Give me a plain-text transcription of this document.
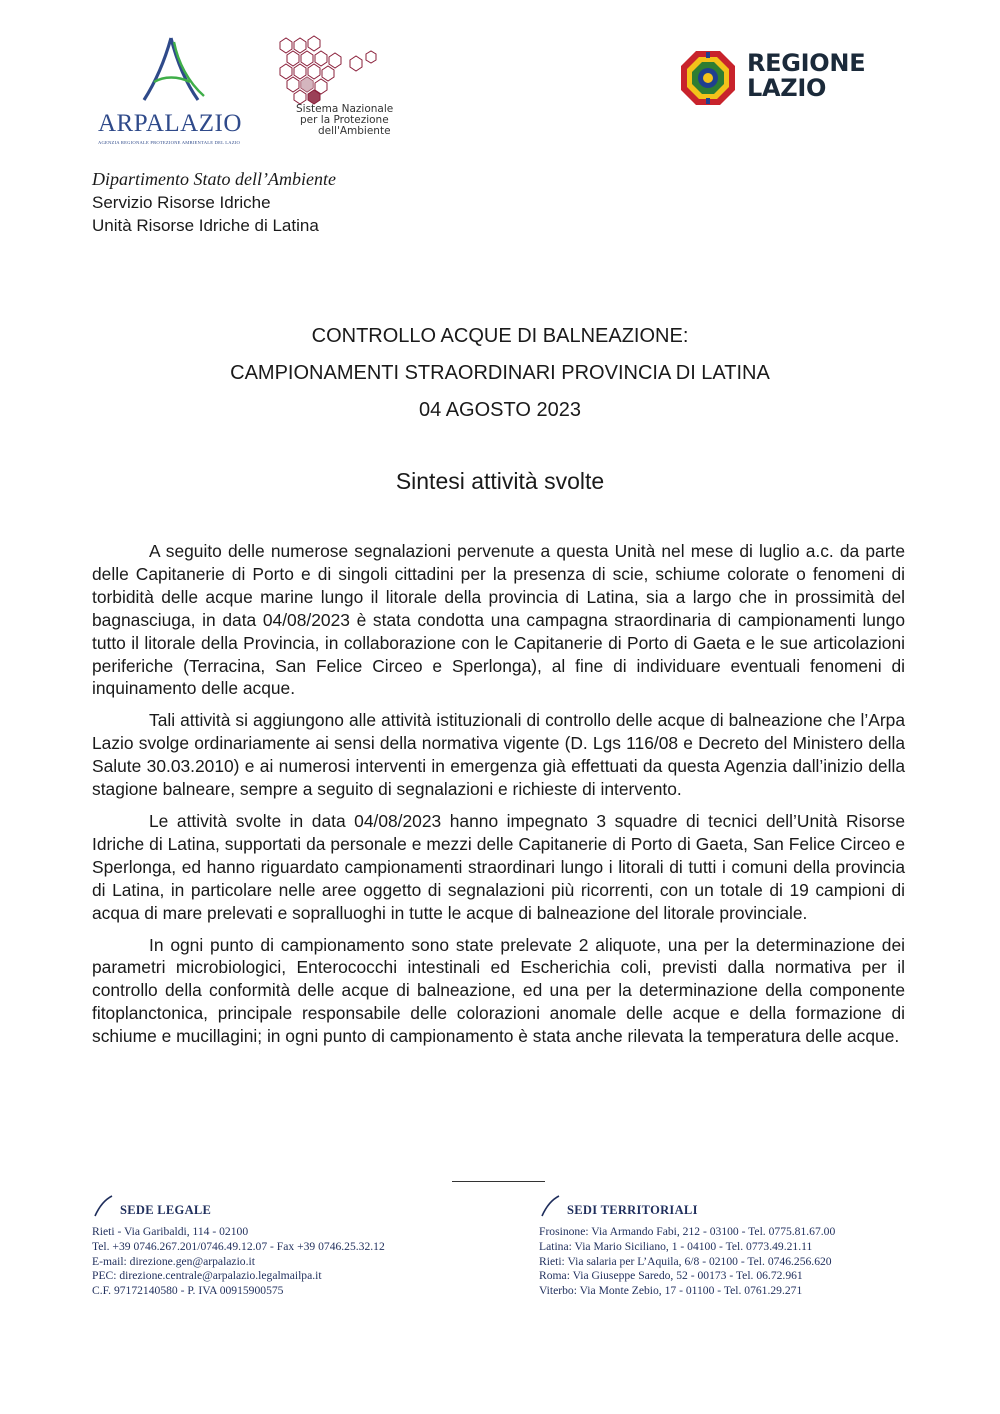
ARPALAZIO
AGENZIA REGIONALE PROTEZIONE AMBIENTALE DEL LAZIO
Sistema Nazionale
per la Protezione
dell'Ambiente
REGIONE
LAZIO
Dipartimento Stato dell’Ambiente
Servizio Risorse Idriche
Unità Risorse Idriche di Latina
CONTROLLO ACQUE DI BALNEAZIONE:
CAMPIONAMENTI STRAORDINARI PROVINCIA DI LATINA
04 AGOSTO 2023
Sintesi attività svolte

A seguito delle numerose segnalazioni pervenute a questa Unità nel mese di luglio a.c. da parte delle Capitanerie di Porto e di singoli cittadini per la presenza di scie, schiume colorate o fenomeni di torbidità delle acque marine lungo il litorale della provincia di Latina, sia a largo che in prossimità del bagnasciuga, in data 04/08/2023 è stata condotta una campagna straordinaria di campionamenti lungo tutto il litorale della Provincia, in collaborazione con le Capitanerie di Porto di Gaeta e le sue articolazioni periferiche (Terracina, San Felice Circeo e Sperlonga), al fine di individuare eventuali fenomeni di inquinamento delle acque.

Tali attività si aggiungono alle attività istituzionali di controllo delle acque di balneazione che l’Arpa Lazio svolge ordinariamente ai sensi della normativa vigente (D. Lgs 116/08 e Decreto del Ministero della Salute 30.03.2010) e ai numerosi interventi in emergenza già effettuati da questa Agenzia dall’inizio della stagione balneare, sempre a seguito di segnalazioni e richieste di intervento.

Le attività svolte in data 04/08/2023 hanno impegnato 3 squadre di tecnici dell’Unità Risorse Idriche di Latina, supportati da personale e mezzi delle Capitanerie di Porto di Gaeta, San Felice Circeo e Sperlonga, ed hanno riguardato campionamenti straordinari lungo i litorali di tutti i comuni della provincia di Latina, in particolare nelle aree oggetto di segnalazioni più ricorrenti, con un totale di 19 campioni di acqua di mare prelevati e sopralluoghi in tutte le acque di balneazione del litorale provinciale.

In ogni punto di campionamento sono state prelevate 2 aliquote, una per la determinazione dei parametri microbiologici, Enterococchi intestinali ed Escherichia coli, previsti dalla normativa per il controllo della conformità delle acque di balneazione, ed una per la determinazione della componente fitoplanctonica, principale responsabile delle colorazioni anomale delle acque e della formazione di schiume e mucillagini; in ogni punto di campionamento è stata anche rilevata la temperatura delle acque.

SEDE LEGALE
Rieti - Via Garibaldi, 114 - 02100
Tel. +39 0746.267.201/0746.49.12.07 - Fax +39 0746.25.32.12
E-mail: direzione.gen@arpalazio.it
PEC: direzione.centrale@arpalazio.legalmailpa.it
C.F. 97172140580 - P. IVA 00915900575
SEDI TERRITORIALI
Frosinone: Via Armando Fabi, 212 - 03100 - Tel. 0775.81.67.00
Latina: Via Mario Siciliano, 1 - 04100 - Tel. 0773.49.21.11
Rieti: Via salaria per L’Aquila, 6/8 - 02100 - Tel. 0746.256.620
Roma: Via Giuseppe Saredo, 52 - 00173 - Tel. 06.72.961
Viterbo: Via Monte Zebio, 17 - 01100 - Tel. 0761.29.271
